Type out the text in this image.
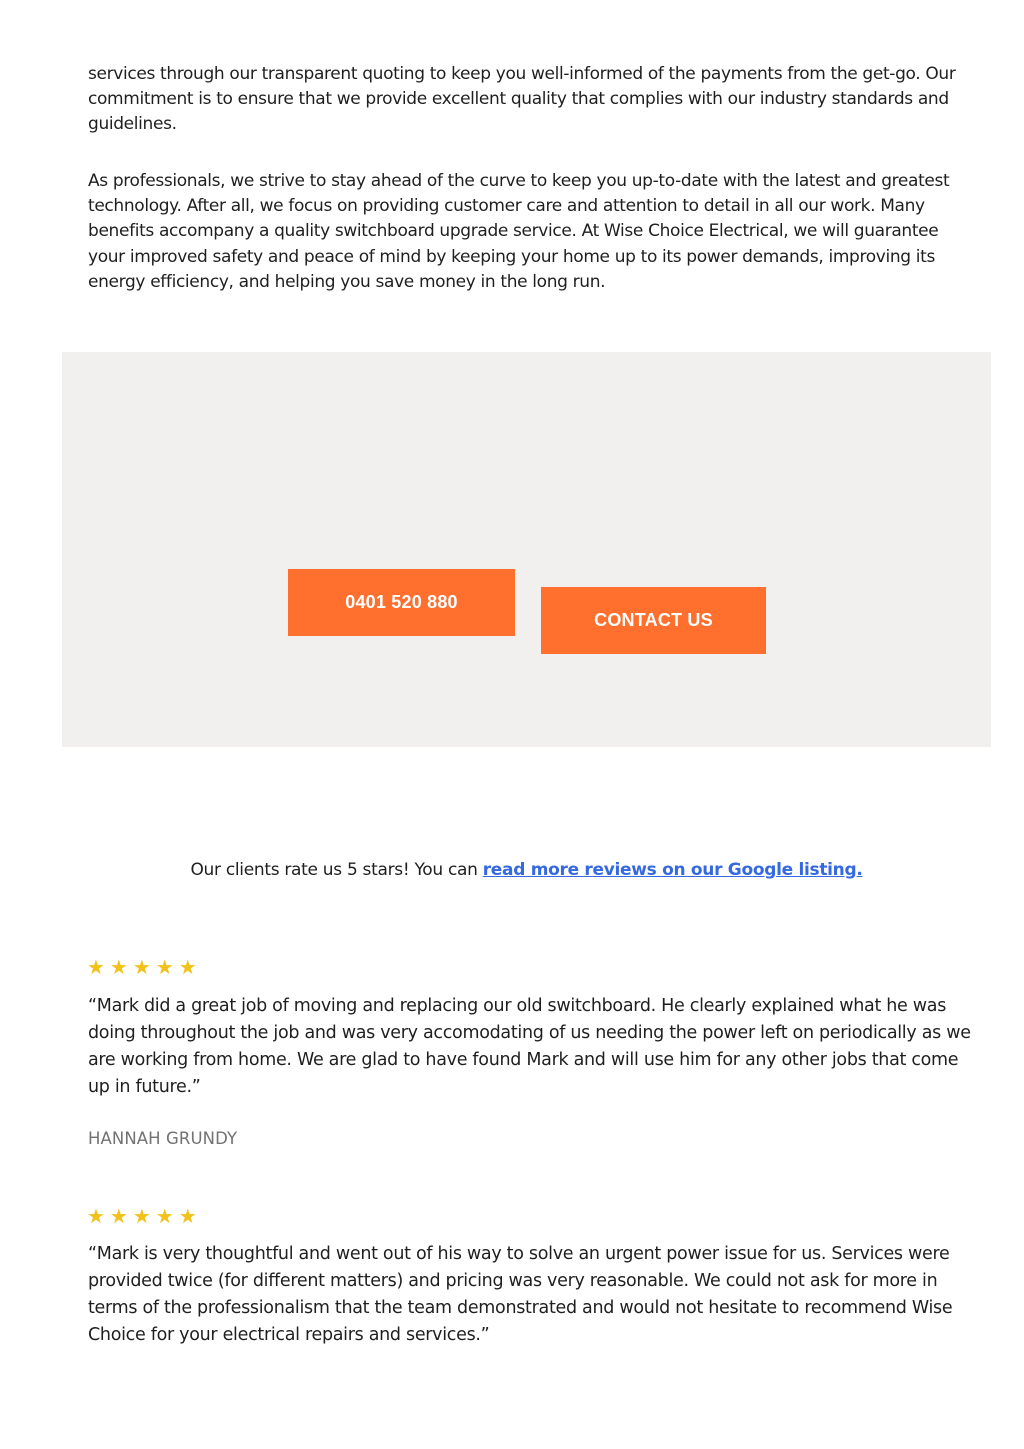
services through our transparent quoting to keep you well-informed of the payments from the get-go. Our commitment is to ensure that we provide excellent quality that complies with our industry standards and guidelines.

As professionals, we strive to stay ahead of the curve to keep you up-to-date with the latest and greatest technology. After all, we focus on providing customer care and attention to detail in all our work. Many benefits accompany a quality switchboard upgrade service. At Wise Choice Electrical, we will guarantee your improved safety and peace of mind by keeping your home up to its power demands, improving its energy efficiency, and helping you save money in the long run.

0401 520 880
CONTACT US
Our clients rate us 5 stars! You can read more reviews on our Google listing.
★★★★★

“Mark did a great job of moving and replacing our old switchboard. He clearly explained what he was doing throughout the job and was very accomodating of us needing the power left on periodically as we are working from home. We are glad to have found Mark and will use him for any other jobs that come up in future.”

HANNAH GRUNDY
★★★★★

“Mark is very thoughtful and went out of his way to solve an urgent power issue for us. Services were provided twice (for different matters) and pricing was very reasonable. We could not ask for more in terms of the professionalism that the team demonstrated and would not hesitate to recommend Wise Choice for your electrical repairs and services.”
